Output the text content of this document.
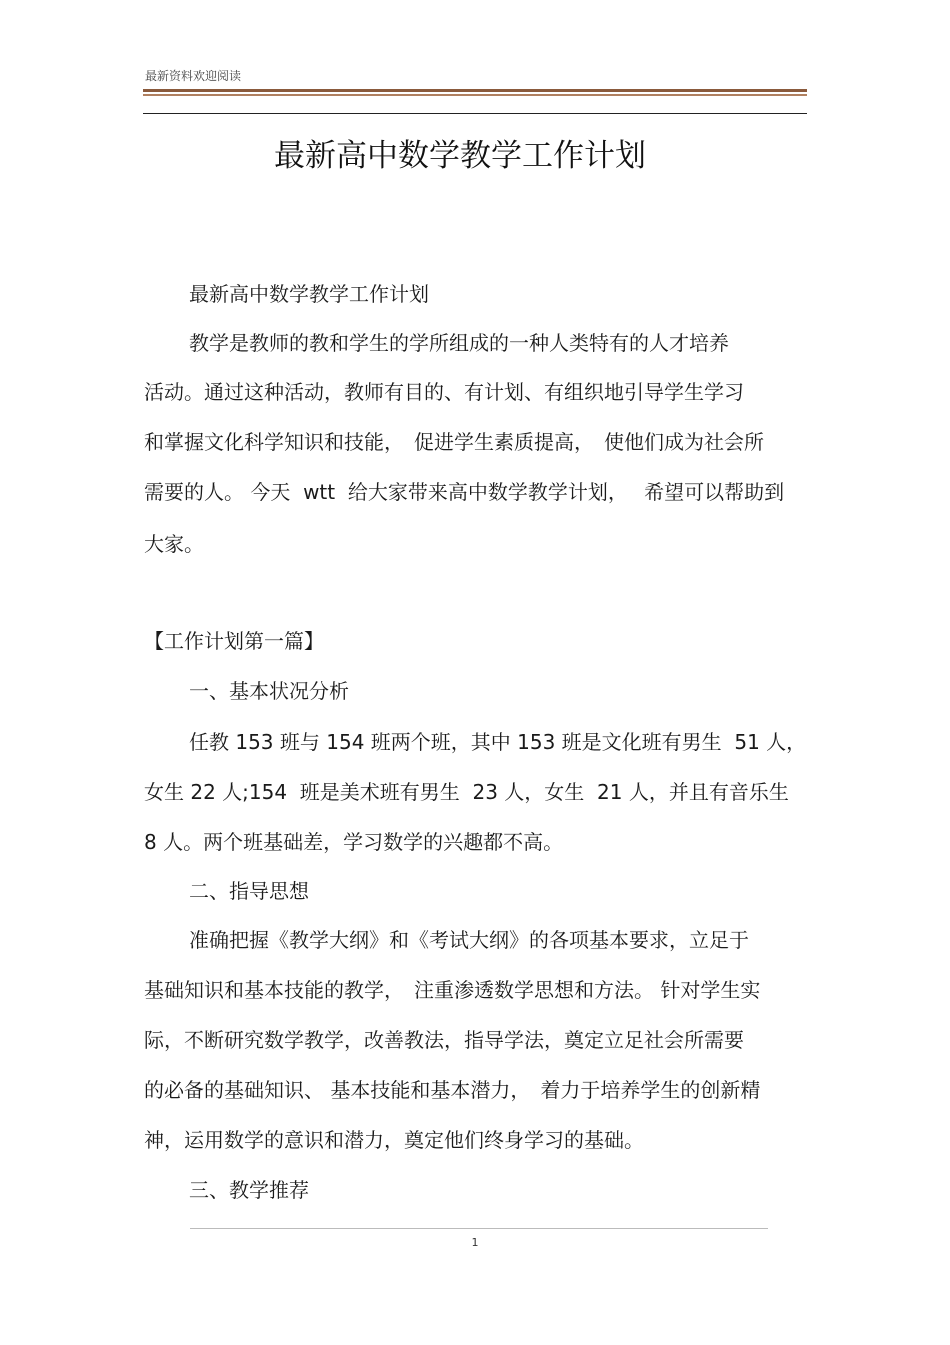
最新资料欢迎阅读
最新高中数学教学工作计划
最新高中数学教学工作计划
教学是教师的教和学生的学所组成的一种人类特有的人才培养
活动。通过这种活动，教师有目的、有计划、有组织地引导学生学习
和掌握文化科学知识和技能，　促进学生素质提高，　使他们成为社会所
需要的人。 今天  wtt  给大家带来高中数学教学计划，　 希望可以帮助到
大家。
【工作计划第一篇】
一、基本状况分析
任教 153 班与 154 班两个班，其中 153 班是文化班有男生  51 人，
女生 22 人;154  班是美术班有男生  23 人，女生  21 人，并且有音乐生
8 人。两个班基础差，学习数学的兴趣都不高。
二、指导思想
准确把握《教学大纲》和《考试大纲》的各项基本要求，立足于
基础知识和基本技能的教学，　注重渗透数学思想和方法。 针对学生实
际，不断研究数学教学，改善教法，指导学法，奠定立足社会所需要
的必备的基础知识、 基本技能和基本潜力，　着力于培养学生的创新精
神，运用数学的意识和潜力，奠定他们终身学习的基础。
三、教学推荐
1
